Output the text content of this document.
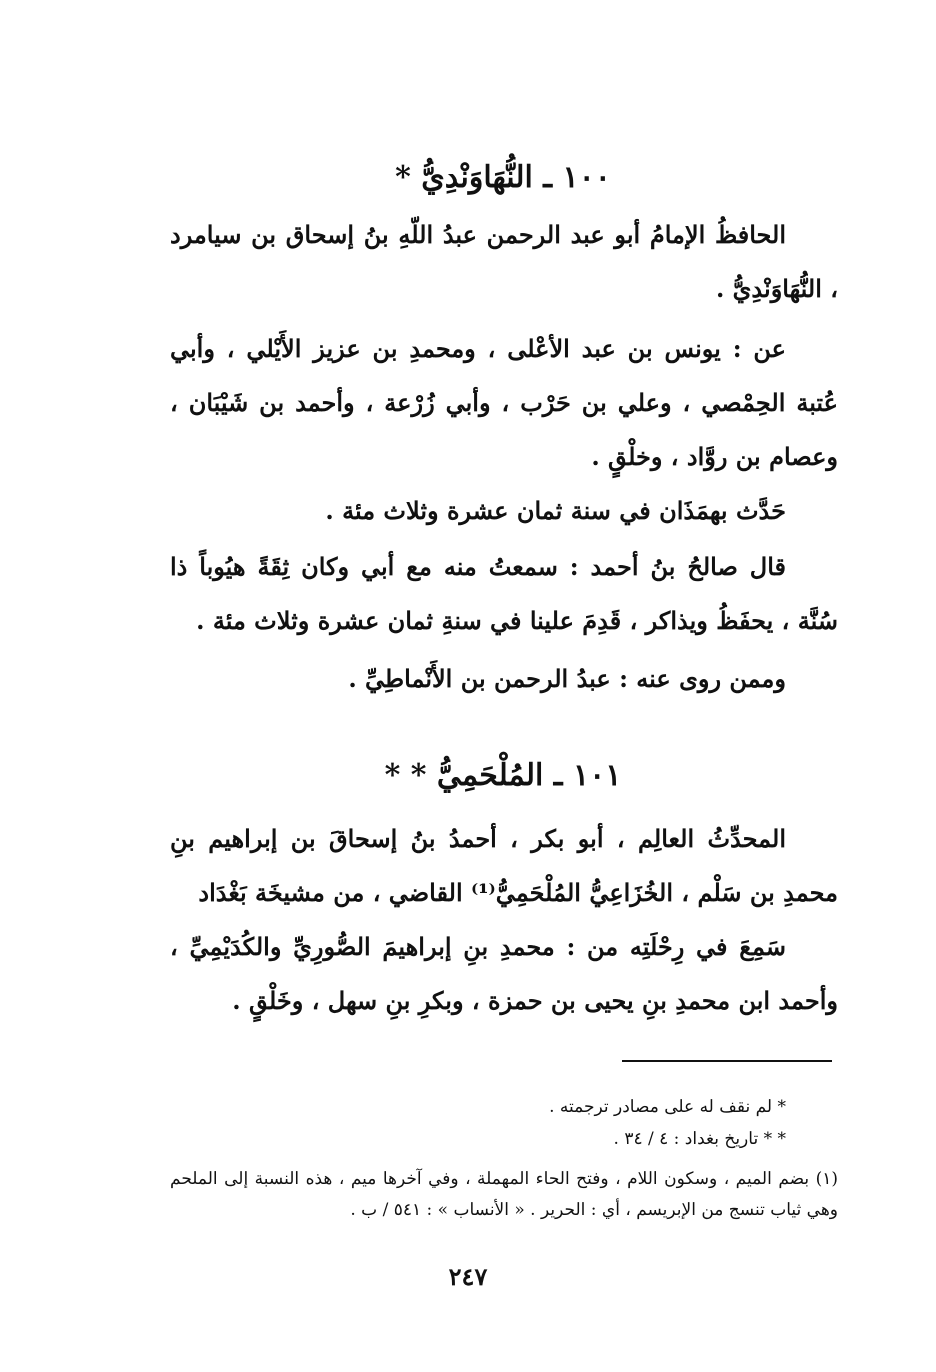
١٠٠ ـ النُّهَاوَنْدِيُّ *

الحافظُ الإمامُ أبو عبد الرحمن عبدُ اللّهِ بنُ إسحاق بن سيامرد ، النُّهَاوَنْدِيُّ .

عن : يونس بن عبد الأعْلى ، ومحمدِ بن عزيز الأَيْلي ، وأبي عُتبة الحِمْصي ، وعلي بن حَرْب ، وأبي زُرْعة ، وأحمد بن شَيْبَان ، وعصام بن روَّاد ، وخلْقٍ .

حَدَّث بهمَذَان في سنة ثمان عشرة وثلاث مئة .

قال صالحُ بنُ أحمد : سمعتُ منه مع أبي وكان ثِقَةً هيُوباً ذا سُنَّة ، يحفَظُ ويذاكر ، قَدِمَ علينا في سنةِ ثمان عشرة وثلاث مئة .

وممن روى عنه : عبدُ الرحمن بن الأَنْماطِيِّ .

١٠١ ـ المُلْحَمِيُّ * *

المحدِّثُ العالِم ، أبو بكر ، أحمدُ بنُ إسحاقَ بن إبراهيم بنِ محمدِ بن سَلْم ، الخُزَاعِيُّ المُلْحَمِيُّ⁽¹⁾ القاضي ، من مشيخَة بَغْدَاد

سَمِعَ في رِحْلَتِه من : محمدِ بنِ إبراهيمَ الصُّورِيِّ والكُدَيْمِيِّ ، وأحمد ابن محمدِ بنِ يحيى بن حمزة ، وبكرِ بنِ سهل ، وخَلْقٍ .

* لم نقف له على مصادر ترجمته .

* * تاريخ بغداد : ٤ / ٣٤ .

(١) بضم الميم ، وسكون اللام ، وفتح الحاء المهملة ، وفي آخرها ميم ، هذه النسبة إلى الملحم وهي ثياب تنسج من الإبريسم ، أي : الحرير . « الأنساب » : ٥٤١ / ب .

٢٤٧
